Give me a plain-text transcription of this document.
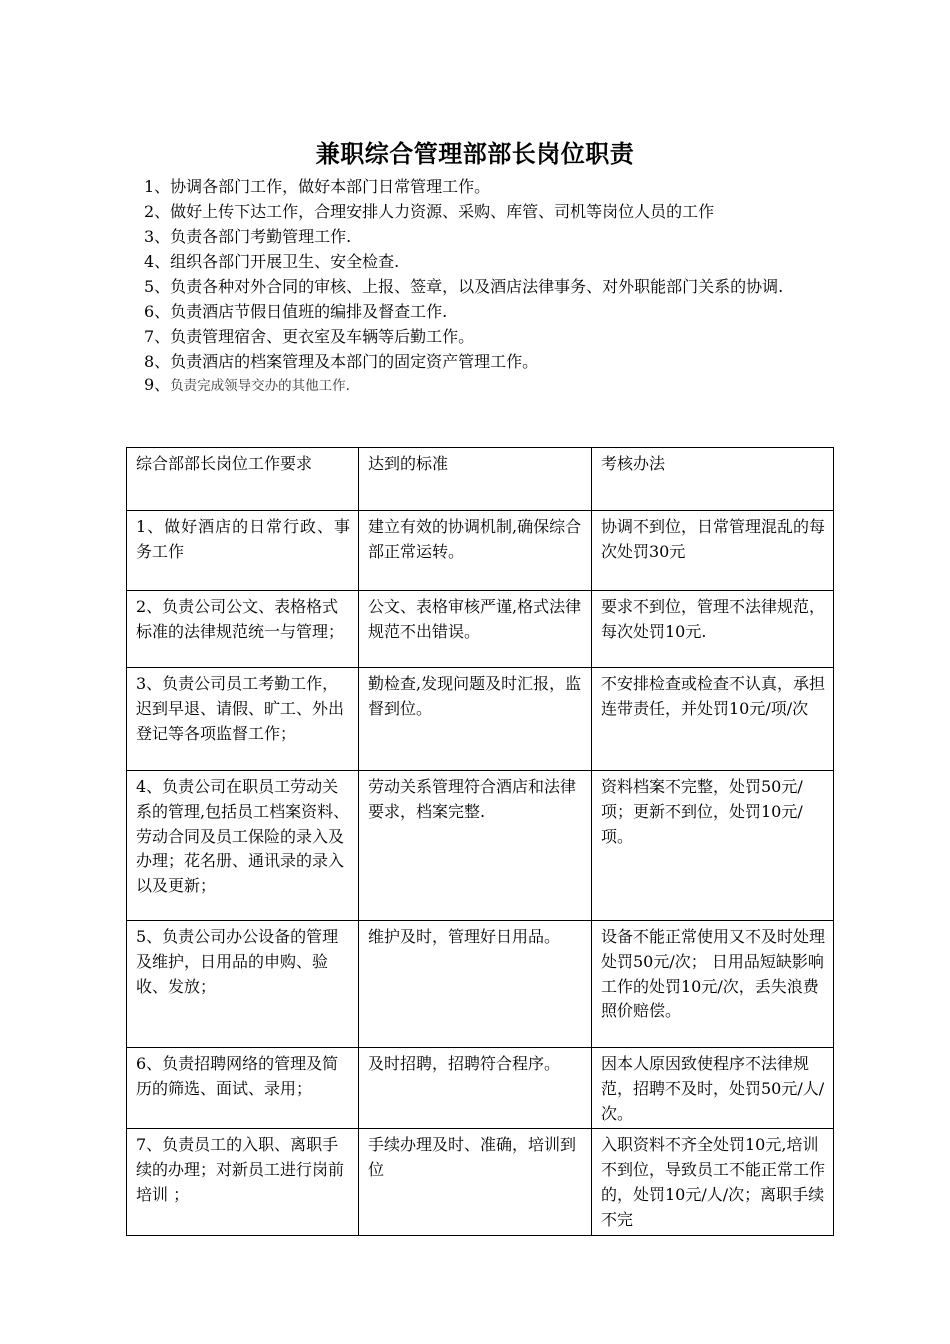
兼职综合管理部部长岗位职责
1、协调各部门工作，做好本部门日常管理工作。
2、做好上传下达工作，合理安排人力资源、采购、库管、司机等岗位人员的工作
3、负责各部门考勤管理工作.
4、组织各部门开展卫生、安全检查.
5、负责各种对外合同的审核、上报、签章，以及酒店法律事务、对外职能部门关系的协调.
6、负责酒店节假日值班的编排及督查工作.
7、负责管理宿舍、更衣室及车辆等后勤工作。
8、负责酒店的档案管理及本部门的固定资产管理工作。
9、负责完成领导交办的其他工作.
综合部部长岗位工作要求	达到的标准	考核办法
1、做好酒店的日常行政、事务工作	建立有效的协调机制,确保综合部正常运转。	协调不到位，日常管理混乱的每次处罚30元
2、负责公司公文、表格格式标准的法律规范统一与管理；	公文、表格审核严谨,格式法律规范不出错误。	要求不到位，管理不法律规范，每次处罚10元.
3、负责公司员工考勤工作，迟到早退、请假、旷工、外出登记等各项监督工作；	勤检查,发现问题及时汇报，监督到位。	不安排检查或检查不认真，承担连带责任，并处罚10元/项/次
4、负责公司在职员工劳动关系的管理,包括员工档案资料、劳动合同及员工保险的录入及办理；花名册、通讯录的录入以及更新；	劳动关系管理符合酒店和法律要求，档案完整.	资料档案不完整，处罚50元/项；更新不到位，处罚10元/项。
5、负责公司办公设备的管理及维护，日用品的申购、验收、发放；	维护及时，管理好日用品。	设备不能正常使用又不及时处理处罚50元/次； 日用品短缺影响工作的处罚10元/次，丢失浪费照价赔偿。
6、负责招聘网络的管理及简历的筛选、面试、录用；	及时招聘，招聘符合程序。	因本人原因致使程序不法律规范，招聘不及时，处罚50元/人/次。
7、负责员工的入职、离职手续的办理；对新员工进行岗前培训 ；	手续办理及时、准确，培训到位	入职资料不齐全处罚10元,培训不到位，导致员工不能正常工作的，处罚10元/人/次；离职手续不完
